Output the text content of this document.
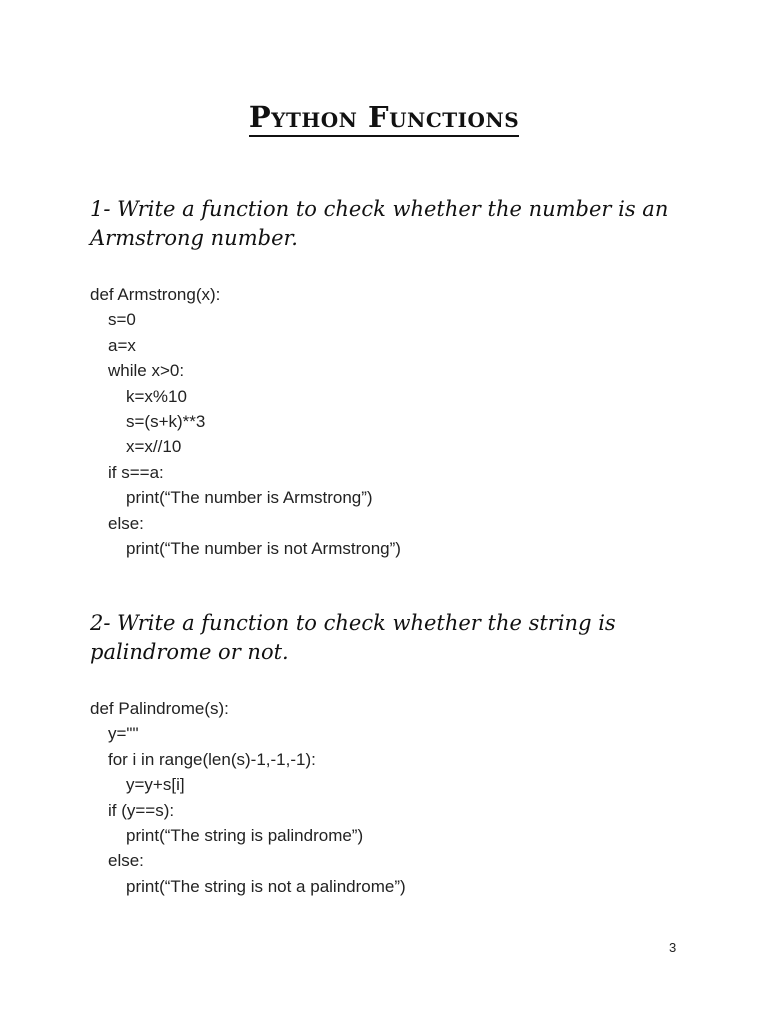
Python Functions
1- Write a function to check whether the number is an Armstrong number.
def Armstrong(x):
s=0
a=x
while x>0:
k=x%10
s=(s+k)**3
x=x//10
if s==a:
print(“The number is Armstrong”)
else:
print(“The number is not Armstrong”)
2- Write a function to check whether the string is palindrome or not.
def Palindrome(s):
y=""
for i in range(len(s)-1,-1,-1):
y=y+s[i]
if (y==s):
print(“The string is palindrome”)
else:
print(“The string is not a palindrome”)
3
